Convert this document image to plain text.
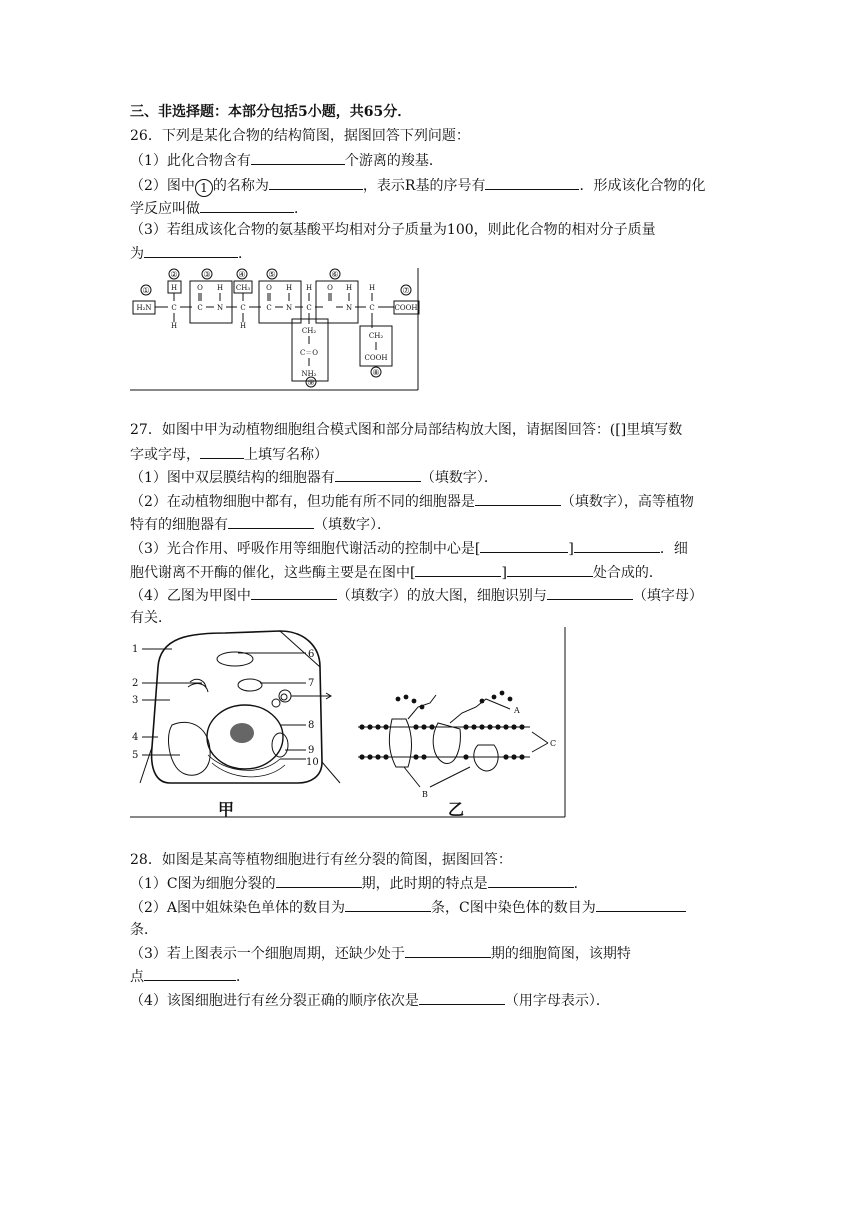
三、非选择题：本部分包括5小题，共65分．
26．下列是某化合物的结构简图，据图回答下列问题：
（1）此化合物含有	个游离的羧基．
（2）图中 1 的名称为	，表示R基的序号有	．形成该化合物的化
学反应叫做	．
（3）若组成该化合物的氨基酸平均相对分子质量为100，则此化合物的相对分子质量
为	．
①
②	③	④	⑤	⑥
⑦
⑧
⑨
H₂N
H	O H CH₃ O H H O H H
COOH
CH₂
C＝O
NH₂
CH₂
COOH
C	N
C	C	N
C	C	N C
H	H
27．如图中甲为动植物细胞组合模式图和部分局部结构放大图，请据图回答：([]里填写数
字或字母，	上填写名称）
（1）图中双层膜结构的细胞器有	（填数字）．
（2）在动植物细胞中都有，但功能有所不同的细胞器是	（填数字），高等植物
特有的细胞器有	（填数字）．
（3）光合作用、呼吸作用等细胞代谢活动的控制中心是[	]	．细
胞代谢离不开酶的催化，这些酶主要是在图中[	]	处合成的．
（4）乙图为甲图中	（填数字）的放大图，细胞识别与	（填字母）
有关．
1
2
3
4
5
6
7
8
9
10
A
B
C
甲	乙
28．如图是某高等植物细胞进行有丝分裂的简图，据图回答：
（1）C图为细胞分裂的	期，此时期的特点是	．
（2）A图中姐妹染色单体的数目为	条，C图中染色体的数目为
条．
（3）若上图表示一个细胞周期，还缺少处于	期的细胞简图，该期特
点	．
（4）该图细胞进行有丝分裂正确的顺序依次是	（用字母表示）．
